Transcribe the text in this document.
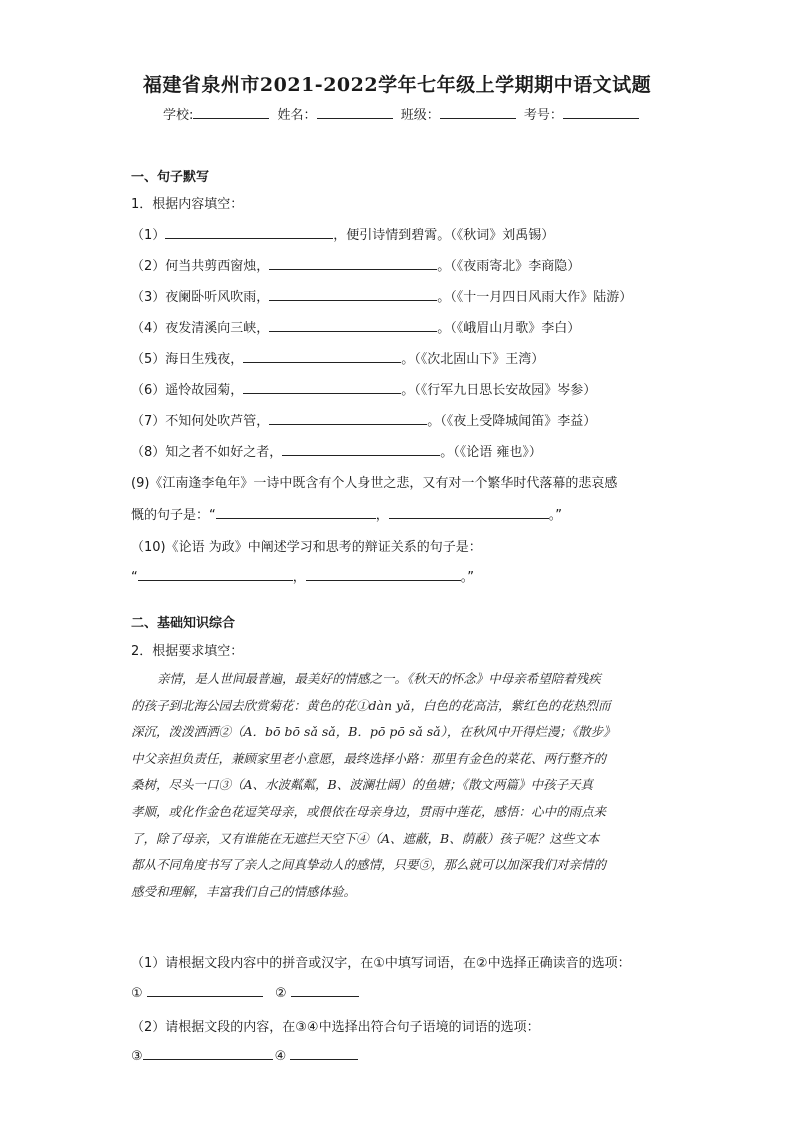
福建省泉州市2021-2022学年七年级上学期期中语文试题
学校:	姓名：	班级：	考号：
一、句子默写
1．根据内容填空：
（1）	，便引诗情到碧霄。（《秋词》刘禹锡）
（2）何当共剪西窗烛，	。（《夜雨寄北》李商隐）
（3）夜阑卧听风吹雨，	。（《十一月四日风雨大作》陆游）
（4）夜发清溪向三峡，	。（《峨眉山月歌》李白）
（5）海日生残夜，	。（《次北固山下》王湾）
（6）遥怜故园菊，	。（《行军九日思长安故园》岑参）
（7）不知何处吹芦管，	。（《夜上受降城闻笛》李益）
（8）知之者不如好之者，	。（《论语 雍也》）
(9)《江南逢李龟年》一诗中既含有个人身世之悲，又有对一个繁华时代落幕的悲哀感
慨的句子是：“	，	。”
（10)《论语 为政》中阐述学习和思考的辩证关系的句子是：
“	，	。”
二、基础知识综合
2．根据要求填空：
亲情，是人世间最普遍，最美好的情感之一。《秋天的怀念》中母亲希望陪着残疾
的孩子到北海公园去欣赏菊花：黄色的花①dàn yǎ，白色的花高洁，紫红色的花热烈而
深沉，泼泼洒洒②（A．bō bō sǎ sǎ，B．pō pō sǎ sǎ），在秋风中开得烂漫；《散步》
中父亲担负责任，兼顾家里老小意愿，最终选择小路：那里有金色的菜花、两行整齐的
桑树，尽头一口③（A、水波粼粼，B、波澜壮阔）的鱼塘；《散文两篇》中孩子天真
孝顺，或化作金色花逗笑母亲，或偎依在母亲身边，贯雨中莲花，感悟：心中的雨点来
了，除了母亲，又有谁能在无遮拦天空下④（A、遮蔽，B、荫蔽）孩子呢？这些文本
都从不同角度书写了亲人之间真挚动人的感情，只要⑤，那么就可以加深我们对亲情的
感受和理解，丰富我们自己的情感体验。
（1）请根据文段内容中的拼音或汉字，在①中填写词语，在②中选择正确读音的选项：
①	②
（2）请根据文段的内容，在③④中选择出符合句子语境的词语的选项：
③	④
